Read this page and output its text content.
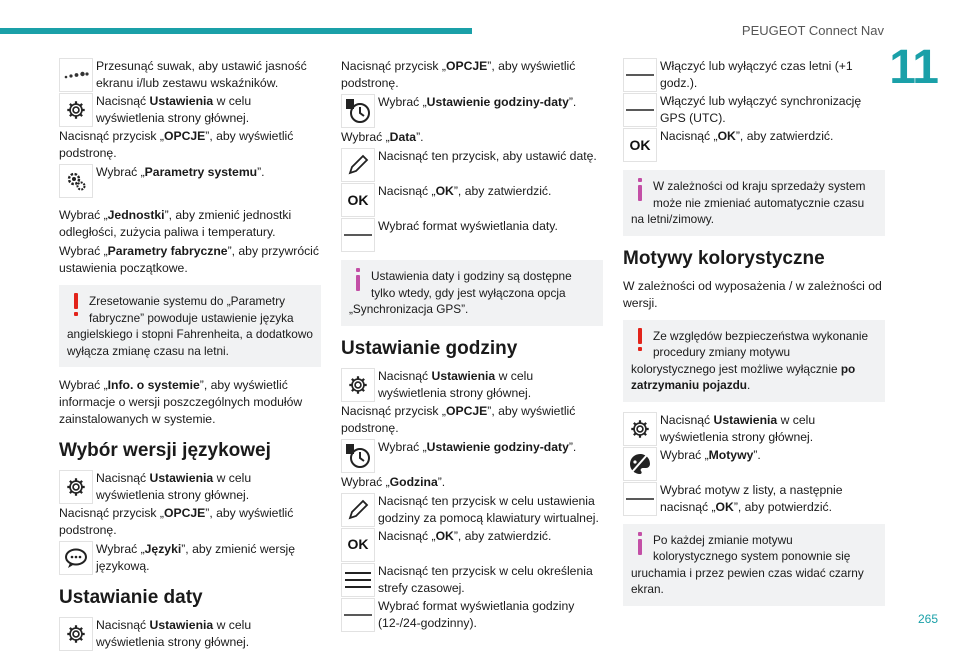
PEUGEOT Connect Nav
11
265
Przesunąć suwak, aby ustawić jasność ekranu i/lub zestawu wskaźników.
Nacisnąć Ustawienia w celu wyświetlenia strony głównej.
Nacisnąć przycisk „OPCJE”, aby wyświetlić podstronę.
Wybrać „Parametry systemu”.
Wybrać „Jednostki”, aby zmienić jednostki odległości, zużycia paliwa i temperatury.
Wybrać „Parametry fabryczne”, aby przywrócić ustawienia początkowe.
Zresetowanie systemu do „Parametry fabryczne” powoduje ustawienie języka angielskiego i stopni Fahrenheita, a dodatkowo wyłącza zmianę czasu na letni.
Wybrać „Info. o systemie”, aby wyświetlić informacje o wersji poszczególnych modułów zainstalowanych w systemie.
Wybór wersji językowej
Nacisnąć Ustawienia w celu wyświetlenia strony głównej.
Nacisnąć przycisk „OPCJE”, aby wyświetlić podstronę.
Wybrać „Języki”, aby zmienić wersję językową.
Ustawianie daty
Nacisnąć Ustawienia w celu wyświetlenia strony głównej.
Nacisnąć przycisk „OPCJE”, aby wyświetlić podstronę.
Wybrać „Ustawienie godziny-daty”.
Wybrać „Data”.
Nacisnąć ten przycisk, aby ustawić datę.
OK
Nacisnąć „OK”, aby zatwierdzić.
Wybrać format wyświetlania daty.
Ustawienia daty i godziny są dostępne tylko wtedy, gdy jest wyłączona opcja „Synchronizacja GPS”.
Ustawianie godziny
Nacisnąć Ustawienia w celu wyświetlenia strony głównej.
Nacisnąć przycisk „OPCJE”, aby wyświetlić podstronę.
Wybrać „Ustawienie godziny-daty”.
Wybrać „Godzina”.
Nacisnąć ten przycisk w celu ustawienia godziny za pomocą klawiatury wirtualnej.
OK
Nacisnąć „OK”, aby zatwierdzić.
Nacisnąć ten przycisk w celu określenia strefy czasowej.
Wybrać format wyświetlania godziny (12-/24-godzinny).
Włączyć lub wyłączyć czas letni (+1 godz.).
Włączyć lub wyłączyć synchronizację GPS (UTC).
OK
Nacisnąć „OK”, aby zatwierdzić.
W zależności od kraju sprzedaży system może nie zmieniać automatycznie czasu na letni/zimowy.
Motywy kolorystyczne
W zależności od wyposażenia / w zależności od wersji.
Ze względów bezpieczeństwa wykonanie procedury zmiany motywu kolorystycznego jest możliwe wyłącznie po zatrzymaniu pojazdu.
Nacisnąć Ustawienia w celu wyświetlenia strony głównej.
Wybrać „Motywy”.
Wybrać motyw z listy, a następnie nacisnąć „OK”, aby potwierdzić.
Po każdej zmianie motywu kolorystycznego system ponownie się uruchamia i przez pewien czas widać czarny ekran.
